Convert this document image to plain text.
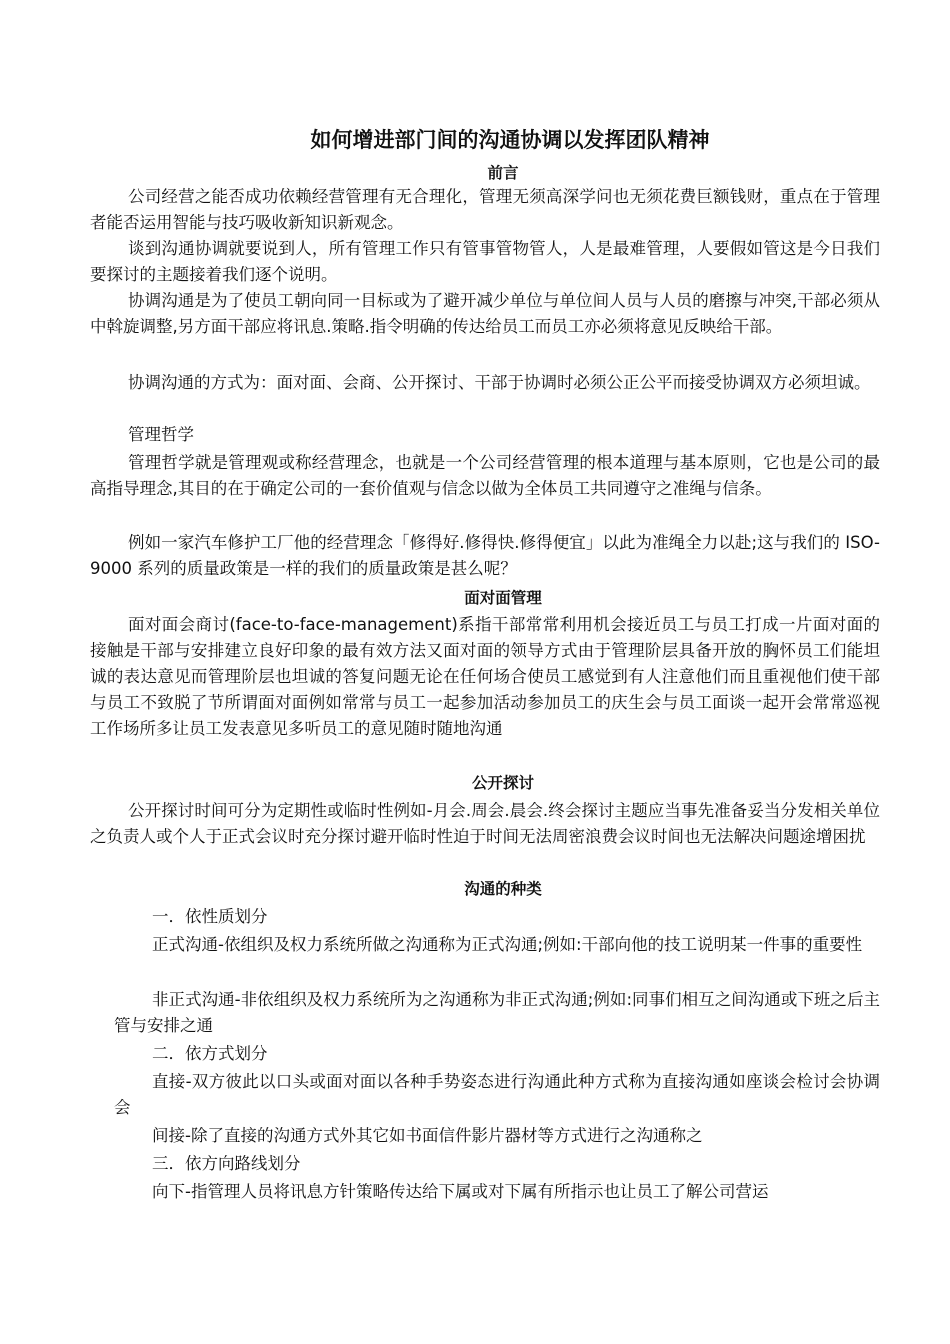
如何增进部门间的沟通协调以发挥团队精神
前言
公司经营之能否成功依赖经营管理有无合理化，管理无须高深学问也无须花费巨额钱财，重点在于管理者能否运用智能与技巧吸收新知识新观念。
谈到沟通协调就要说到人，所有管理工作只有管事管物管人，人是最难管理，人要假如管这是今日我们要探讨的主题接着我们逐个说明。
协调沟通是为了使员工朝向同一目标或为了避开减少单位与单位间人员与人员的磨擦与冲突,干部必须从中斡旋调整,另方面干部应将讯息.策略.指令明确的传达给员工而员工亦必须将意见反映给干部。
协调沟通的方式为：面对面、会商、公开探讨、干部于协调时必须公正公平而接受协调双方必须坦诚。
管理哲学
管理哲学就是管理观或称经营理念，也就是一个公司经营管理的根本道理与基本原则，它也是公司的最高指导理念,其目的在于确定公司的一套价值观与信念以做为全体员工共同遵守之准绳与信条。
例如一家汽车修护工厂他的经营理念「修得好.修得快.修得便宜」以此为准绳全力以赴;这与我们的 ISO-9000 系列的质量政策是一样的我们的质量政策是甚么呢？
面对面管理
面对面会商讨(face-to-face-management)系指干部常常利用机会接近员工与员工打成一片面对面的接触是干部与安排建立良好印象的最有效方法又面对面的领导方式由于管理阶层具备开放的胸怀员工们能坦诚的表达意见而管理阶层也坦诚的答复问题无论在任何场合使员工感觉到有人注意他们而且重视他们使干部与员工不致脱了节所谓面对面例如常常与员工一起参加活动参加员工的庆生会与员工面谈一起开会常常巡视工作场所多让员工发表意见多听员工的意见随时随地沟通
公开探讨
公开探讨时间可分为定期性或临时性例如-月会.周会.晨会.终会探讨主题应当事先准备妥当分发相关单位之负责人或个人于正式会议时充分探讨避开临时性迫于时间无法周密浪费会议时间也无法解决问题途增困扰
沟通的种类
一．依性质划分
正式沟通-依组织及权力系统所做之沟通称为正式沟通;例如:干部向他的技工说明某一件事的重要性
非正式沟通-非依组织及权力系统所为之沟通称为非正式沟通;例如:同事们相互之间沟通或下班之后主管与安排之通
二．依方式划分
直接-双方彼此以口头或面对面以各种手势姿态进行沟通此种方式称为直接沟通如座谈会检讨会协调会
间接-除了直接的沟通方式外其它如书面信件影片器材等方式进行之沟通称之
三．依方向路线划分
向下-指管理人员将讯息方针策略传达给下属或对下属有所指示也让员工了解公司营运
